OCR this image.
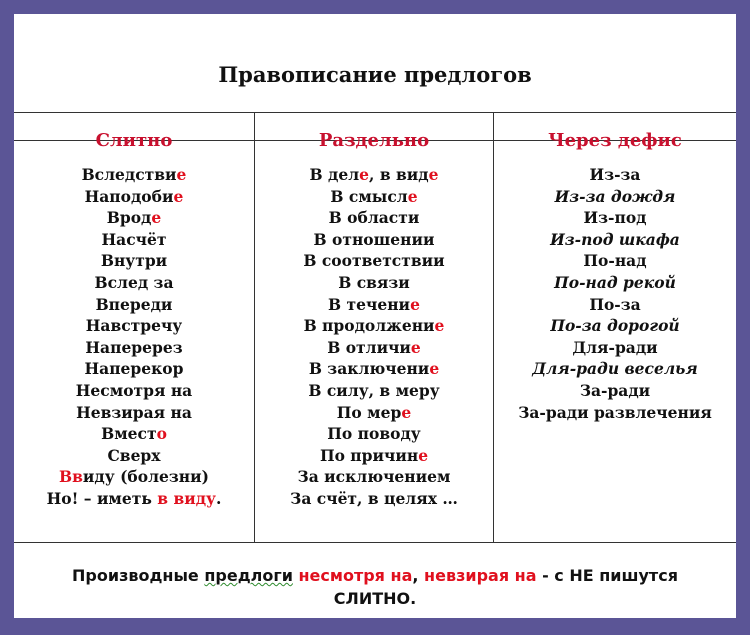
Правописание предлогов
Слитно	Раздельно	Через дефис
Вследствие
Наподобие
Вроде
Насчёт
Внутри
Вслед за
Впереди
Навстречу
Наперерез
Наперекор
Несмотря на
Невзирая на
Вместо
Сверх
Ввиду (болезни)
Но! – иметь в виду.
В деле, в виде
В смысле
В области
В отношении
В соответствии
В связи
В течение
В продолжение
В отличие
В заключение
В силу, в меру
По мере
По поводу
По причине
За исключением
За счёт, в целях …
Из-за
Из-за дождя
Из-под
Из-под шкафа
По-над
По-над рекой
По-за
По-за дорогой
Для-ради
Для-ради веселья
За-ради
За-ради развлечения
Производные предлоги несмотря на, невзирая на - с НЕ пишутся
СЛИТНО.
